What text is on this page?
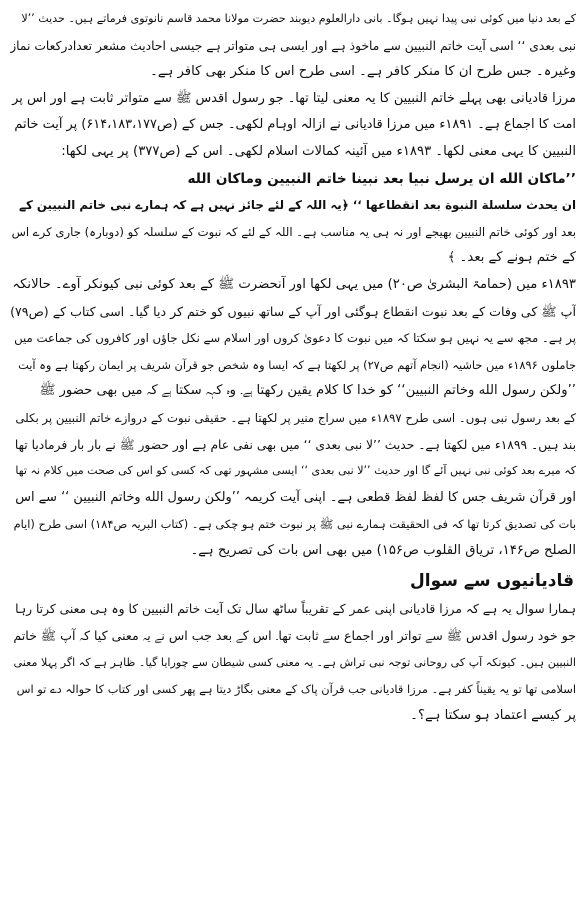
کے بعد دنیا میں کوئی نبی پیدا نہیں ہوگا۔ بانی دارالعلوم دیوبند حضرت مولانا محمد قاسم نانوتوی فرماتے ہیں۔ حدیث ’’لا

نبی بعدی ‘‘ اسی آیت خاتم النبیین سے ماخوذ ہے اور ایسی ہی متواتر ہے جیسی احادیث مشعر تعدادرکعات نماز

وغیرہ۔ جس طرح ان کا منکر کافر ہے۔ اسی طرح اس کا منکر بھی کافر ہے۔

مرزا قادیانی بھی پہلے خاتم النبیین کا یہ معنی لیتا تھا۔ جو رسول اقدس ﷺ سے متواتر ثابت ہے اور اس پر

امت کا اجماع ہے۔ ۱۸۹۱ء میں مرزا قادیانی نے ازالہ اوہام لکھی۔ جس کے (ص۶۱۴،۱۸۳،۱۷۷) پر آیت خاتم

النبیین کا یہی معنی لکھا۔ ۱۸۹۳ء میں آئینہ کمالات اسلام لکھی۔ اس کے (ص۳۷۷) پر یہی لکھا:

’’ماكان الله ان يرسل نبيا بعد نبينا خاتم النبيين وماكان الله

ان يحدث سلسلة النبوة بعد انقطاعها ‘‘ ﴿یہ اللہ کے لئے جائز نہیں ہے کہ ہمارے نبی خاتم النبیین کے

بعد اور کوئی خاتم النبیین بھیجے اور نہ ہی یہ مناسب ہے۔ اللہ کے لئے کہ نبوت کے سلسلہ کو (دوبارہ) جاری کرے اس

کے ختم ہونے کے بعد۔ ﴾

۱۸۹۳ء میں (حمامۃ البشریٰ ص۲۰) میں یہی لکھا اور آنحضرت ﷺ کے بعد کوئی نبی کیونکر آوے۔ حالانکہ

آپ ﷺ کی وفات کے بعد نبوت انقطاع ہوگئی اور آپ کے ساتھ نبیوں کو ختم کر دیا گیا۔ اسی کتاب کے (ص۷۹)

پر ہے۔ مجھ سے یہ نہیں ہو سکتا کہ میں نبوت کا دعویٰ کروں اور اسلام سے نکل جاؤں اور کافروں کی جماعت میں

جاملوں ۱۸۹۶ء میں حاشیہ (انجام آتھم ص۲۷) پر لکھتا ہے کہ ایسا وہ شخص جو قرآن شریف پر ایمان رکھتا ہے وہ آیت

’’ولكن رسول الله وخاتم النبيين‘‘ کو خدا کا کلام یقین رکھتا ہے۔ وہ کہہ سکتا ہے کہ میں بھی حضور ﷺ

کے بعد رسول نبی ہوں۔ اسی طرح ۱۸۹۷ء میں سراج منیر پر لکھتا ہے۔ حقیقی نبوت کے دروازے خاتم النبیین پر بکلی

بند ہیں۔ ۱۸۹۹ء میں لکھتا ہے۔ حدیث ’’لا نبی بعدی ‘‘ میں بھی نفی عام ہے اور حضور ﷺ نے بار بار فرمادیا تھا

کہ میرے بعد کوئی نبی نہیں آئے گا اور حدیث ’’لا نبی بعدی ‘‘ ایسی مشہور تھی کہ کسی کو اس کی صحت میں کلام نہ تھا

اور قرآن شریف جس کا لفظ لفظ قطعی ہے۔ اپنی آیت کریمہ ’’ولكن رسول الله وخاتم النبيين ‘‘ سے اس

بات کی تصدیق کرتا تھا کہ فی الحقیقت ہمارے نبی ﷺ پر نبوت ختم ہو چکی ہے۔ (کتاب البریہ ص۱۸۴) اسی طرح (ایام

الصلح ص۱۴۶، تریاق القلوب ص۱۵۶) میں بھی اس بات کی تصریح ہے۔

قادیانیوں سے سوال

ہمارا سوال یہ ہے کہ مرزا قادیانی اپنی عمر کے تقریباً ساٹھ سال تک آیت خاتم النبیین کا وہ ہی معنی کرتا رہا

جو خود رسول اقدس ﷺ سے تواتر اور اجماع سے ثابت تھا۔ اس کے بعد جب اس نے یہ معنی کیا کہ آپ ﷺ خاتم

النبیین ہیں۔ کیونکہ آپ کی روحانی توجہ نبی تراش ہے۔ یہ معنی کسی شیطان سے چورایا گیا۔ ظاہر ہے کہ اگر پہلا معنی

اسلامی تھا تو یہ یقیناً کفر ہے۔ مرزا قادیانی جب قرآن پاک کے معنی بگاڑ دیتا ہے پھر کسی اور کتاب کا حوالہ دے تو اس

پر کیسے اعتماد ہو سکتا ہے؟۔
